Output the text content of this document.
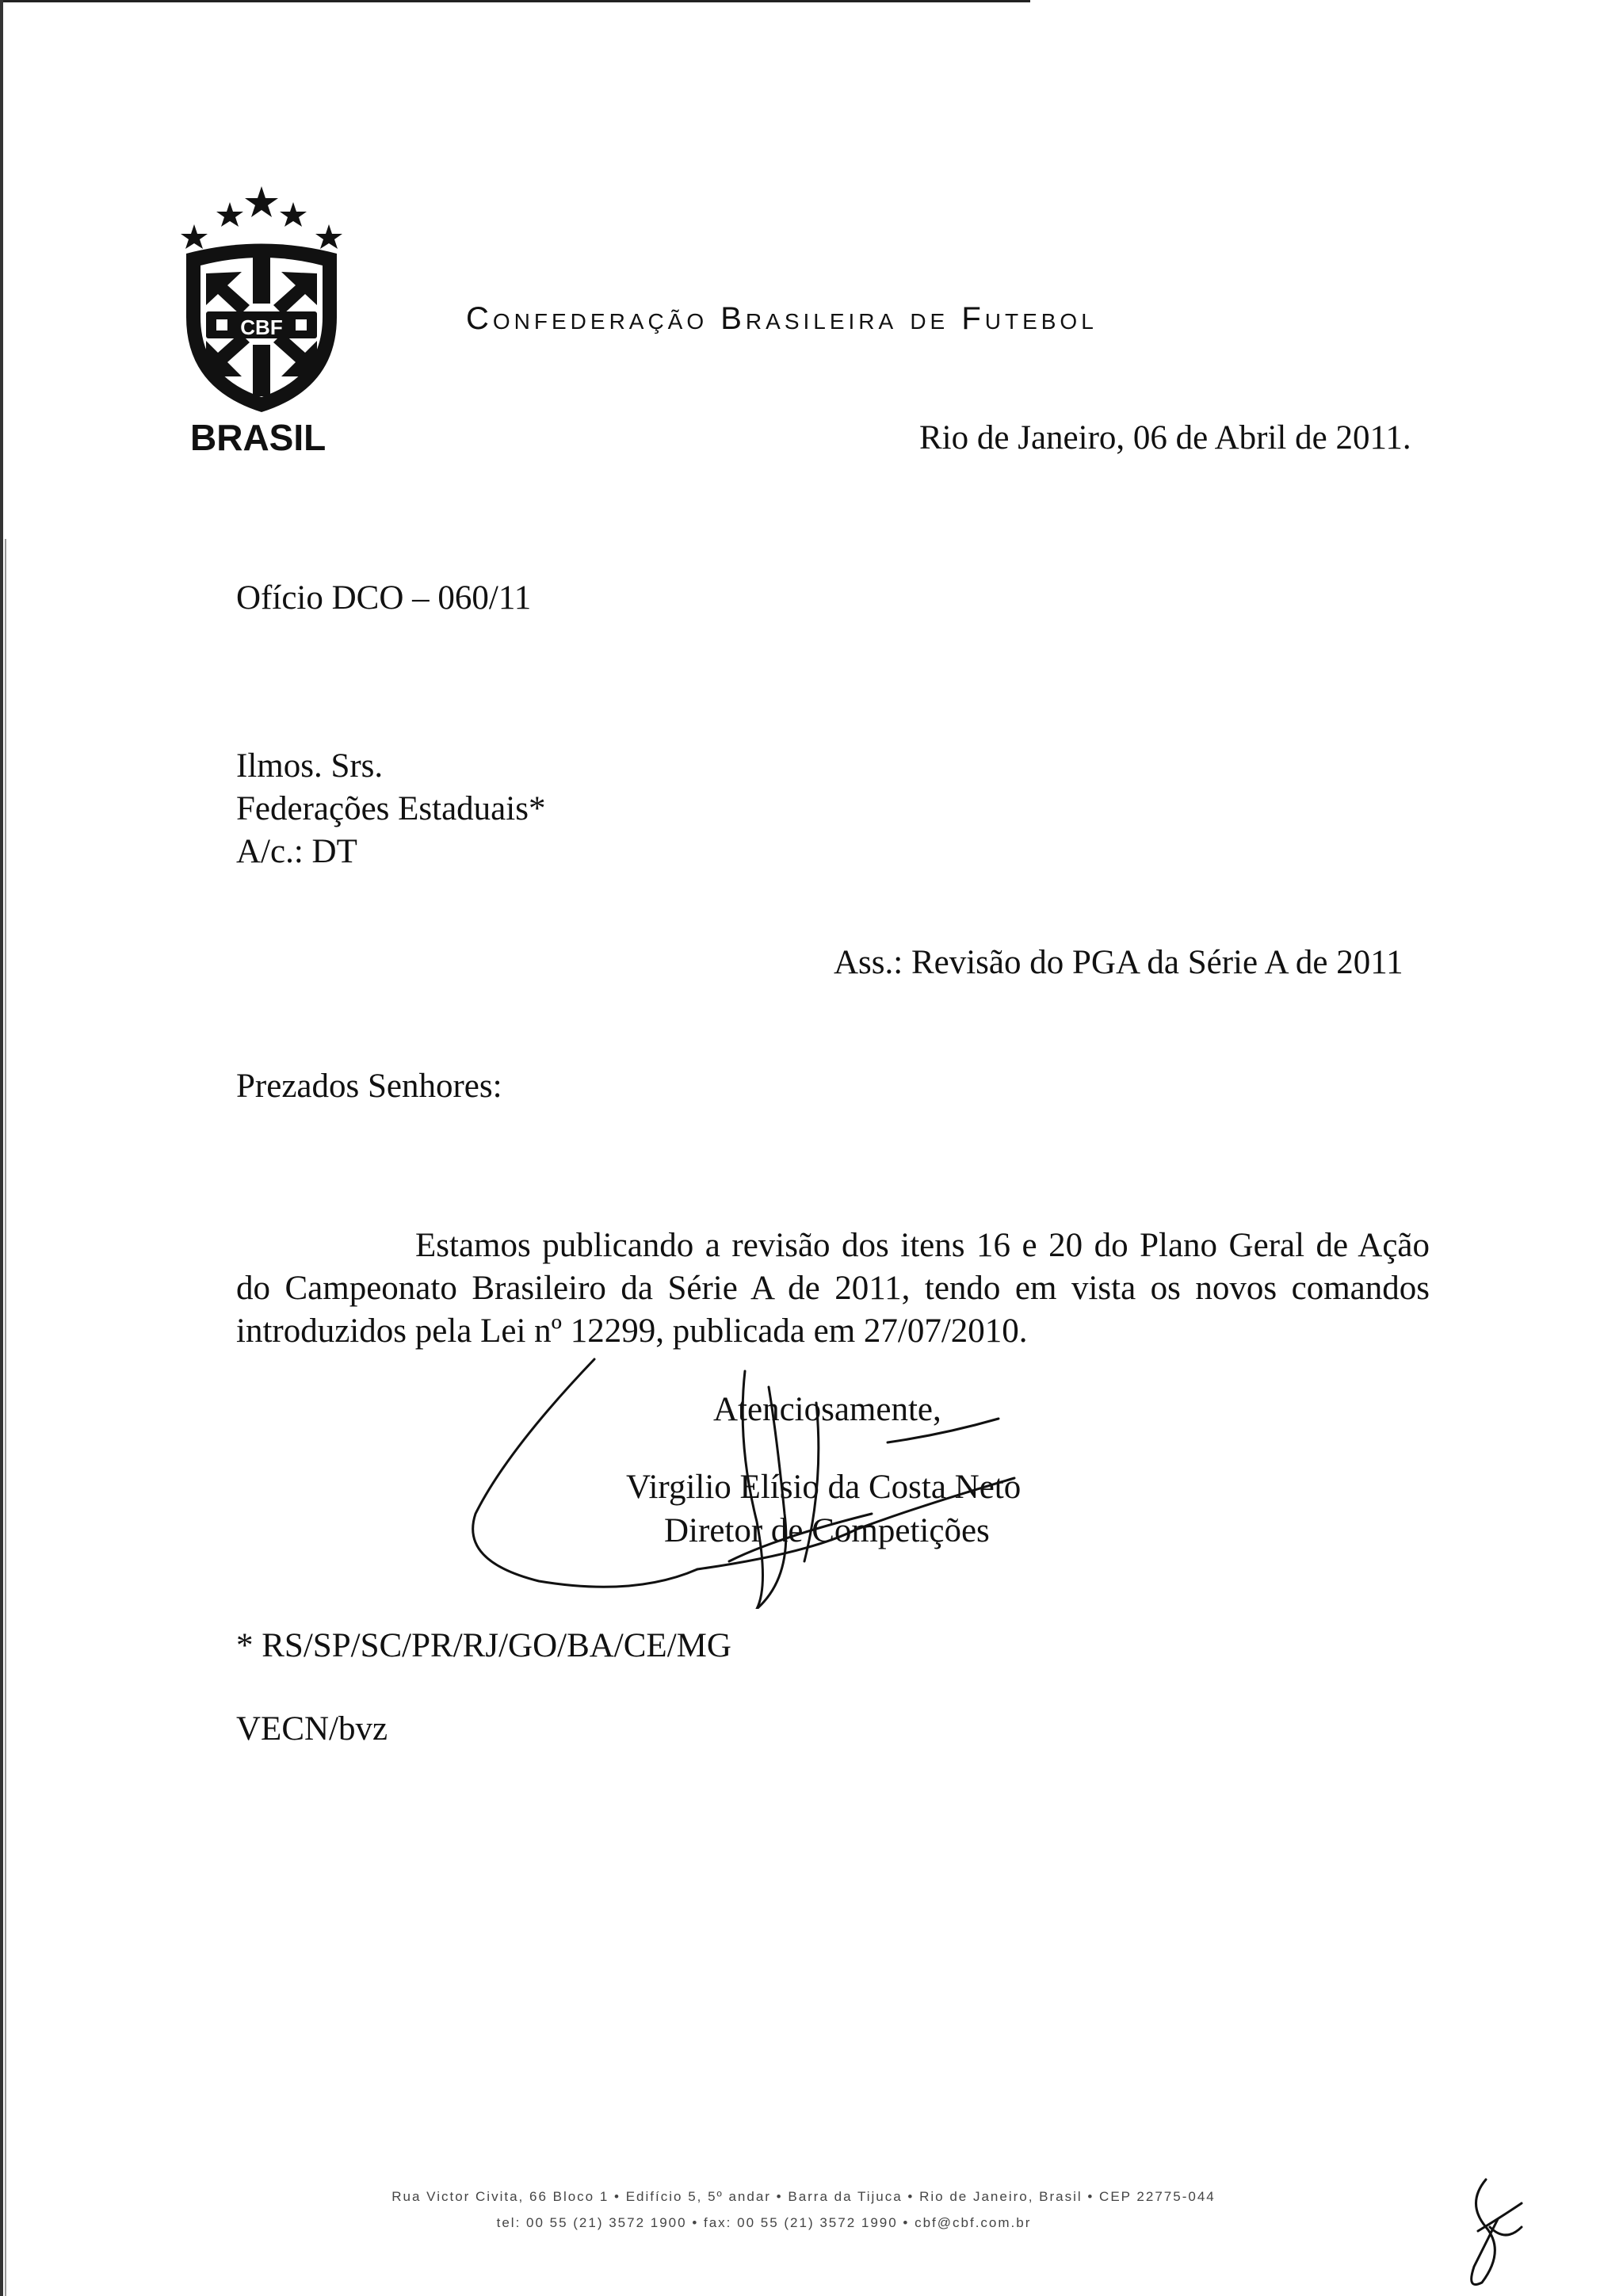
CBF
BRASIL
Confederação Brasileira de Futebol
Rio de Janeiro, 06 de Abril de 2011.
Ofício DCO – 060/11
Ilmos. Srs.
Federações Estaduais*
A/c.: DT
Ass.: Revisão do PGA da Série A de 2011
Prezados Senhores:

Estamos publicando a revisão dos itens 16 e 20 do Plano Geral de Ação do Campeonato Brasileiro da Série A de 2011, tendo em vista os novos comandos introduzidos pela Lei nº 12299, publicada em 27/07/2010.

Atenciosamente,
Virgilio Elísio da Costa Neto
Diretor de Competições
* RS/SP/SC/PR/RJ/GO/BA/CE/MG
VECN/bvz
Rua Victor Civita, 66 Bloco 1 • Edifício 5, 5º andar • Barra da Tijuca • Rio de Janeiro, Brasil • CEP 22775-044
tel: 00 55 (21) 3572 1900 • fax: 00 55 (21) 3572 1990 • cbf@cbf.com.br
